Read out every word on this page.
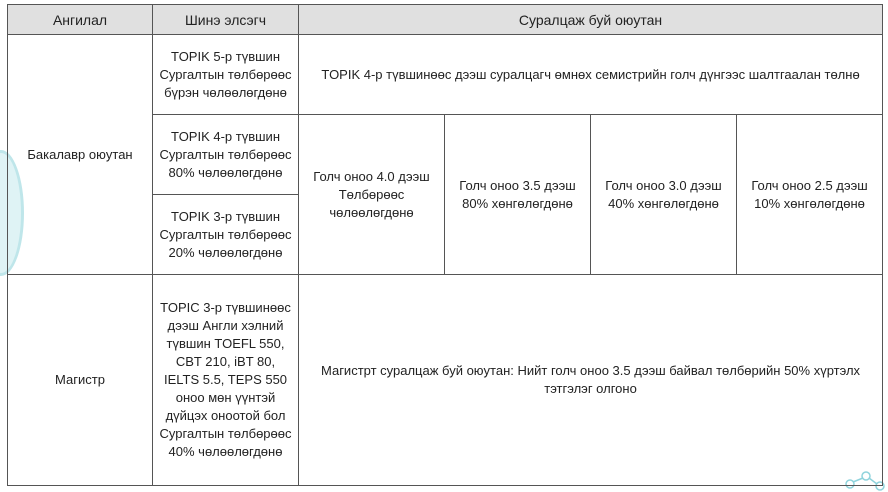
Ангилал	Шинэ элсэгч	Суралцаж буй оюутан			
Бакалавр оюутан	TOPIK 5-р түвшин Сургалтын төлбөрөөс бүрэн чөлөөлөгдөнө	TOPIK 4-р түвшинөөс дээш суралцагч өмнөх семистрийн голч дүнгээс шалтгаалан төлнө			
	TOPIK 4-р түвшин Сургалтын төлбөрөөс 80% чөлөөлөгдөнө	Голч оноо 4.0 дээш Төлбөрөөс чөлөөлөгдөнө	Голч оноо 3.5 дээш 80% хөнгөлөгдөнө	Голч оноо 3.0 дээш 40% хөнгөлөгдөнө	Голч оноо 2.5 дээш 10% хөнгөлөгдөнө
	TOPIK 3-р түвшин Сургалтын төлбөрөөс 20% чөлөөлөгдөнө				
Магистр	TOPIC 3-р түвшинөөс дээш Англи хэлний түвшин TOEFL 550, CBT 210, iBT 80, IELTS 5.5, TEPS 550 оноо мөн үүнтэй дүйцэх оноотой бол Сургалтын төлбөрөөс 40% чөлөөлөгдөнө	Магистрт суралцаж буй оюутан: Нийт голч оноо 3.5 дээш байвал төлбөрийн 50% хүртэлх тэтгэлэг олгоно			
